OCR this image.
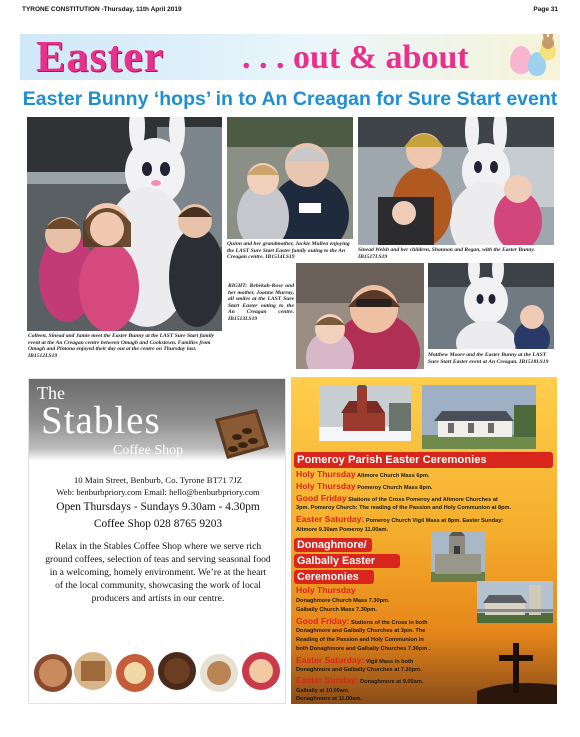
TYRONE CONSTITUTION -Thursday, 11th April 2019	Page 31
Easter . . . out & about
Easter Bunny ‘hops’ in to An Creagan for Sure Start event
Colleen, Sinead and Jamie meet the Easter Bunny at the LAST Sure Start family event at the An Creagan centre between Omagh and Cookstown. Families from Omagh and Pintona enjoyed their day out at the centre on Thursday last. IB1512LS19
Quinn and her grandmother, Jackie Mullen enjoying the LAST Sure Start Easter family outing to the An Creagan centre. IB1514LS19
Sinead Welsh and her children, Shannon and Regan, with the Easter Bunny. IB1517LS19
RIGHT: Rebekah-Rose and her mother, Joanne Murray, all smiles at the LAST Sure Start Easter outing to the An Creagan centre. IB1513LS19
Matthew Moore and the Easter Bunny at the LAST Sure Start Easter event at An Creagan. IB1518LS19
The
Stables
Coffee Shop
10 Main Street, Benburb, Co. Tyrone BT71 7JZ
Web: benburbpriory.com Email: hello@benburbpriory.com
Open Thursdays - Sundays 9.30am - 4.30pm
Coffee Shop 028 8765 9203
Relax in the Stables Coffee Shop where we serve rich
ground coffees, selection of teas and serving seasonal food
in a welcoming, homely environment. We’re at the heart
of the local community, showcasing the work of local
producers and artists in our centre.
Pomeroy Parish Easter Ceremonies
Holy Thursday Altmore Church Mass 6pm.
Holy Thursday Pomeroy Church Mass 8pm.
Good Friday Stations of the Cross Pomeroy and Altmore Churches at
3pm. Pomeroy Church: The reading of the Passion and Holy Communion at 8pm.
Easter Saturday: Pomeroy Church Vigil Mass at 8pm. Easter Sunday:
Altmore 9.30am Pomeroy 11.00am.
Donaghmore/
Galbally Easter
Ceremonies
Holy Thursday
Donaghmore Church Mass 7.30pm.
Galbally Church Mass 7.30pm.
Good Friday: Stations of the Cross in both
Donaghmore and Galbally Churches at 3pm. The
Reading of the Passion and Holy Communion in
both Donaghmore and Galbally Churches 7.30pm .
Easter Saturday: Vigil Mass in both
Donaghmore and Galbally Churches at 7.30pm.
Easter Sunday: Donaghmore at 9.00am.
Galbally at 10.00am.
Donaghmore at 11.00am.
